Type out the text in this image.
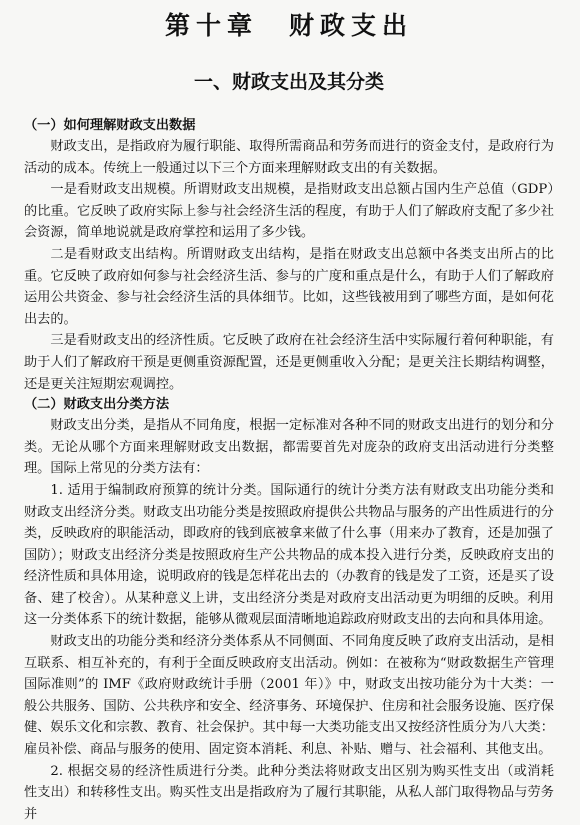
第十章　财政支出
一、财政支出及其分类

（一）如何理解财政支出数据

财政支出，是指政府为履行职能、取得所需商品和劳务而进行的资金支付，是政府行为活动的成本。传统上一般通过以下三个方面来理解财政支出的有关数据。

一是看财政支出规模。所谓财政支出规模，是指财政支出总额占国内生产总值（GDP）的比重。它反映了政府实际上参与社会经济生活的程度，有助于人们了解政府支配了多少社会资源，简单地说就是政府掌控和运用了多少钱。

二是看财政支出结构。所谓财政支出结构，是指在财政支出总额中各类支出所占的比重。它反映了政府如何参与社会经济生活、参与的广度和重点是什么，有助于人们了解政府运用公共资金、参与社会经济生活的具体细节。比如，这些钱被用到了哪些方面，是如何花出去的。

三是看财政支出的经济性质。它反映了政府在社会经济生活中实际履行着何种职能，有助于人们了解政府干预是更侧重资源配置，还是更侧重收入分配；是更关注长期结构调整，还是更关注短期宏观调控。

（二）财政支出分类方法

财政支出分类，是指从不同角度，根据一定标准对各种不同的财政支出进行的划分和分类。无论从哪个方面来理解财政支出数据，都需要首先对庞杂的政府支出活动进行分类整理。国际上常见的分类方法有：

1. 适用于编制政府预算的统计分类。国际通行的统计分类方法有财政支出功能分类和财政支出经济分类。财政支出功能分类是按照政府提供公共物品与服务的产出性质进行的分类，反映政府的职能活动，即政府的钱到底被拿来做了什么事（用来办了教育，还是加强了国防）；财政支出经济分类是按照政府生产公共物品的成本投入进行分类，反映政府支出的经济性质和具体用途，说明政府的钱是怎样花出去的（办教育的钱是发了工资，还是买了设备、建了校舍）。从某种意义上讲，支出经济分类是对政府支出活动更为明细的反映。利用这一分类体系下的统计数据，能够从微观层面清晰地追踪政府财政支出的去向和具体用途。

财政支出的功能分类和经济分类体系从不同侧面、不同角度反映了政府支出活动，是相互联系、相互补充的，有利于全面反映政府支出活动。例如：在被称为“财政数据生产管理国际准则”的 IMF《政府财政统计手册（2001 年）》中，财政支出按功能分为十大类：一般公共服务、国防、公共秩序和安全、经济事务、环境保护、住房和社会服务设施、医疗保健、娱乐文化和宗教、教育、社会保护。其中每一大类功能支出又按经济性质分为八大类：雇员补偿、商品与服务的使用、固定资本消耗、利息、补贴、赠与、社会福利、其他支出。

2. 根据交易的经济性质进行分类。此种分类法将财政支出区别为购买性支出（或消耗性支出）和转移性支出。购买性支出是指政府为了履行其职能，从私人部门取得物品与劳务并
